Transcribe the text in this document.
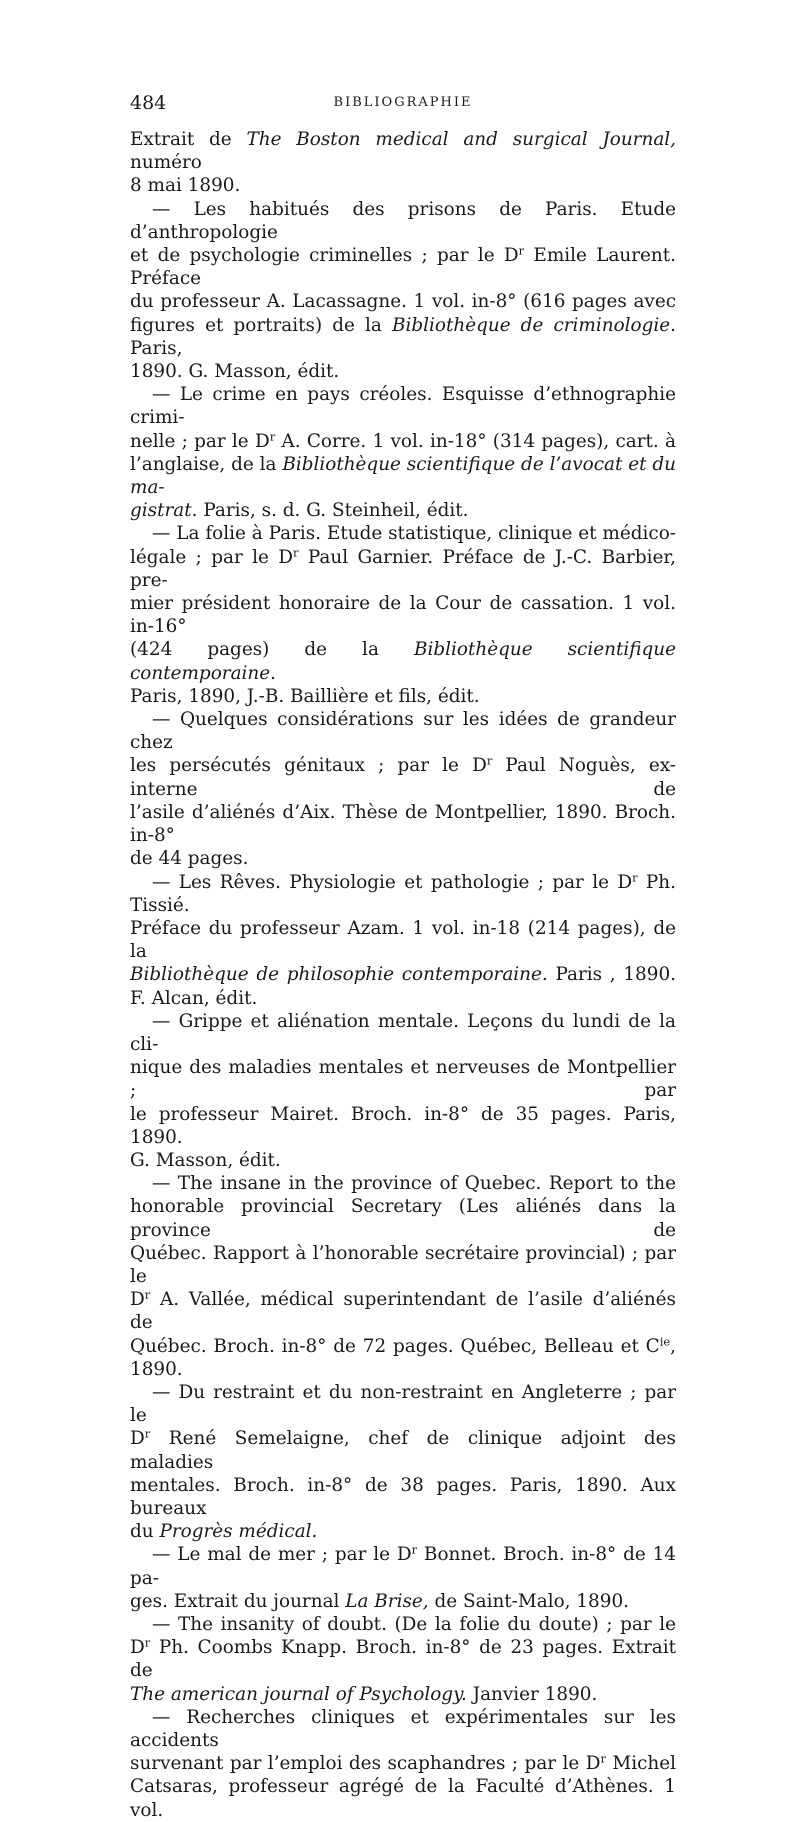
484	BIBLIOGRAPHIE
Extrait de The Boston medical and surgical Journal, numéro
8 mai 1890.
— Les habitués des prisons de Paris. Etude d’anthropologie
et de psychologie criminelles ; par le $D^r$ Emile Laurent. Préface
du professeur A. Lacassagne. 1 vol. in-8° (616 pages avec
figures et portraits) de la Bibliothèque de criminologie. Paris,
1890. G. Masson, édit.
— Le crime en pays créoles. Esquisse d’ethnographie crimi-
nelle ; par le $D^r$ A. Corre. 1 vol. in-18° (314 pages), cart. à
l’anglaise, de la Bibliothèque scientifique de l’avocat et du ma-
gistrat. Paris, s. d. G. Steinheil, édit.
— La folie à Paris. Etude statistique, clinique et médico-
légale ; par le $D^r$ Paul Garnier. Préface de J.-C. Barbier, pre-
mier président honoraire de la Cour de cassation. 1 vol. in-16°
(424 pages) de la Bibliothèque scientifique contemporaine.
Paris, 1890, J.-B. Baillière et fils, édit.
— Quelques considérations sur les idées de grandeur chez
les persécutés génitaux ; par le $D^r$ Paul Noguès, ex-interne de
l’asile d’aliénés d’Aix. Thèse de Montpellier, 1890. Broch. in-8°
de 44 pages.
— Les Rêves. Physiologie et pathologie ; par le $D^r$ Ph. Tissié.
Préface du professeur Azam. 1 vol. in-18 (214 pages), de la
Bibliothèque de philosophie contemporaine. Paris , 1890.
F. Alcan, édit.
— Grippe et aliénation mentale. Leçons du lundi de la cli-
nique des maladies mentales et nerveuses de Montpellier ; par
le professeur Mairet. Broch. in-8° de 35 pages. Paris, 1890.
G. Masson, édit.
— The insane in the province of Quebec. Report to the
honorable provincial Secretary (Les aliénés dans la province de
Québec. Rapport à l’honorable secrétaire provincial) ; par le
$D^r$ A. Vallée, médical superintendant de l’asile d’aliénés de
Québec. Broch. in-8° de 72 pages. Québec, Belleau et $C^{ie}$,
1890.
— Du restraint et du non-restraint en Angleterre ; par le
$D^r$ René Semelaigne, chef de clinique adjoint des maladies
mentales. Broch. in-8° de 38 pages. Paris, 1890. Aux bureaux
du Progrès médical.
— Le mal de mer ; par le $D^r$ Bonnet. Broch. in-8° de 14 pa-
ges. Extrait du journal La Brise, de Saint-Malo, 1890.
— The insanity of doubt. (De la folie du doute) ; par le
$D^r$ Ph. Coombs Knapp. Broch. in-8° de 23 pages. Extrait de
The american journal of Psychology. Janvier 1890.
— Recherches cliniques et expérimentales sur les accidents
survenant par l’emploi des scaphandres ; par le $D^r$ Michel
Catsaras, professeur agrégé de la Faculté d’Athènes. 1 vol.
